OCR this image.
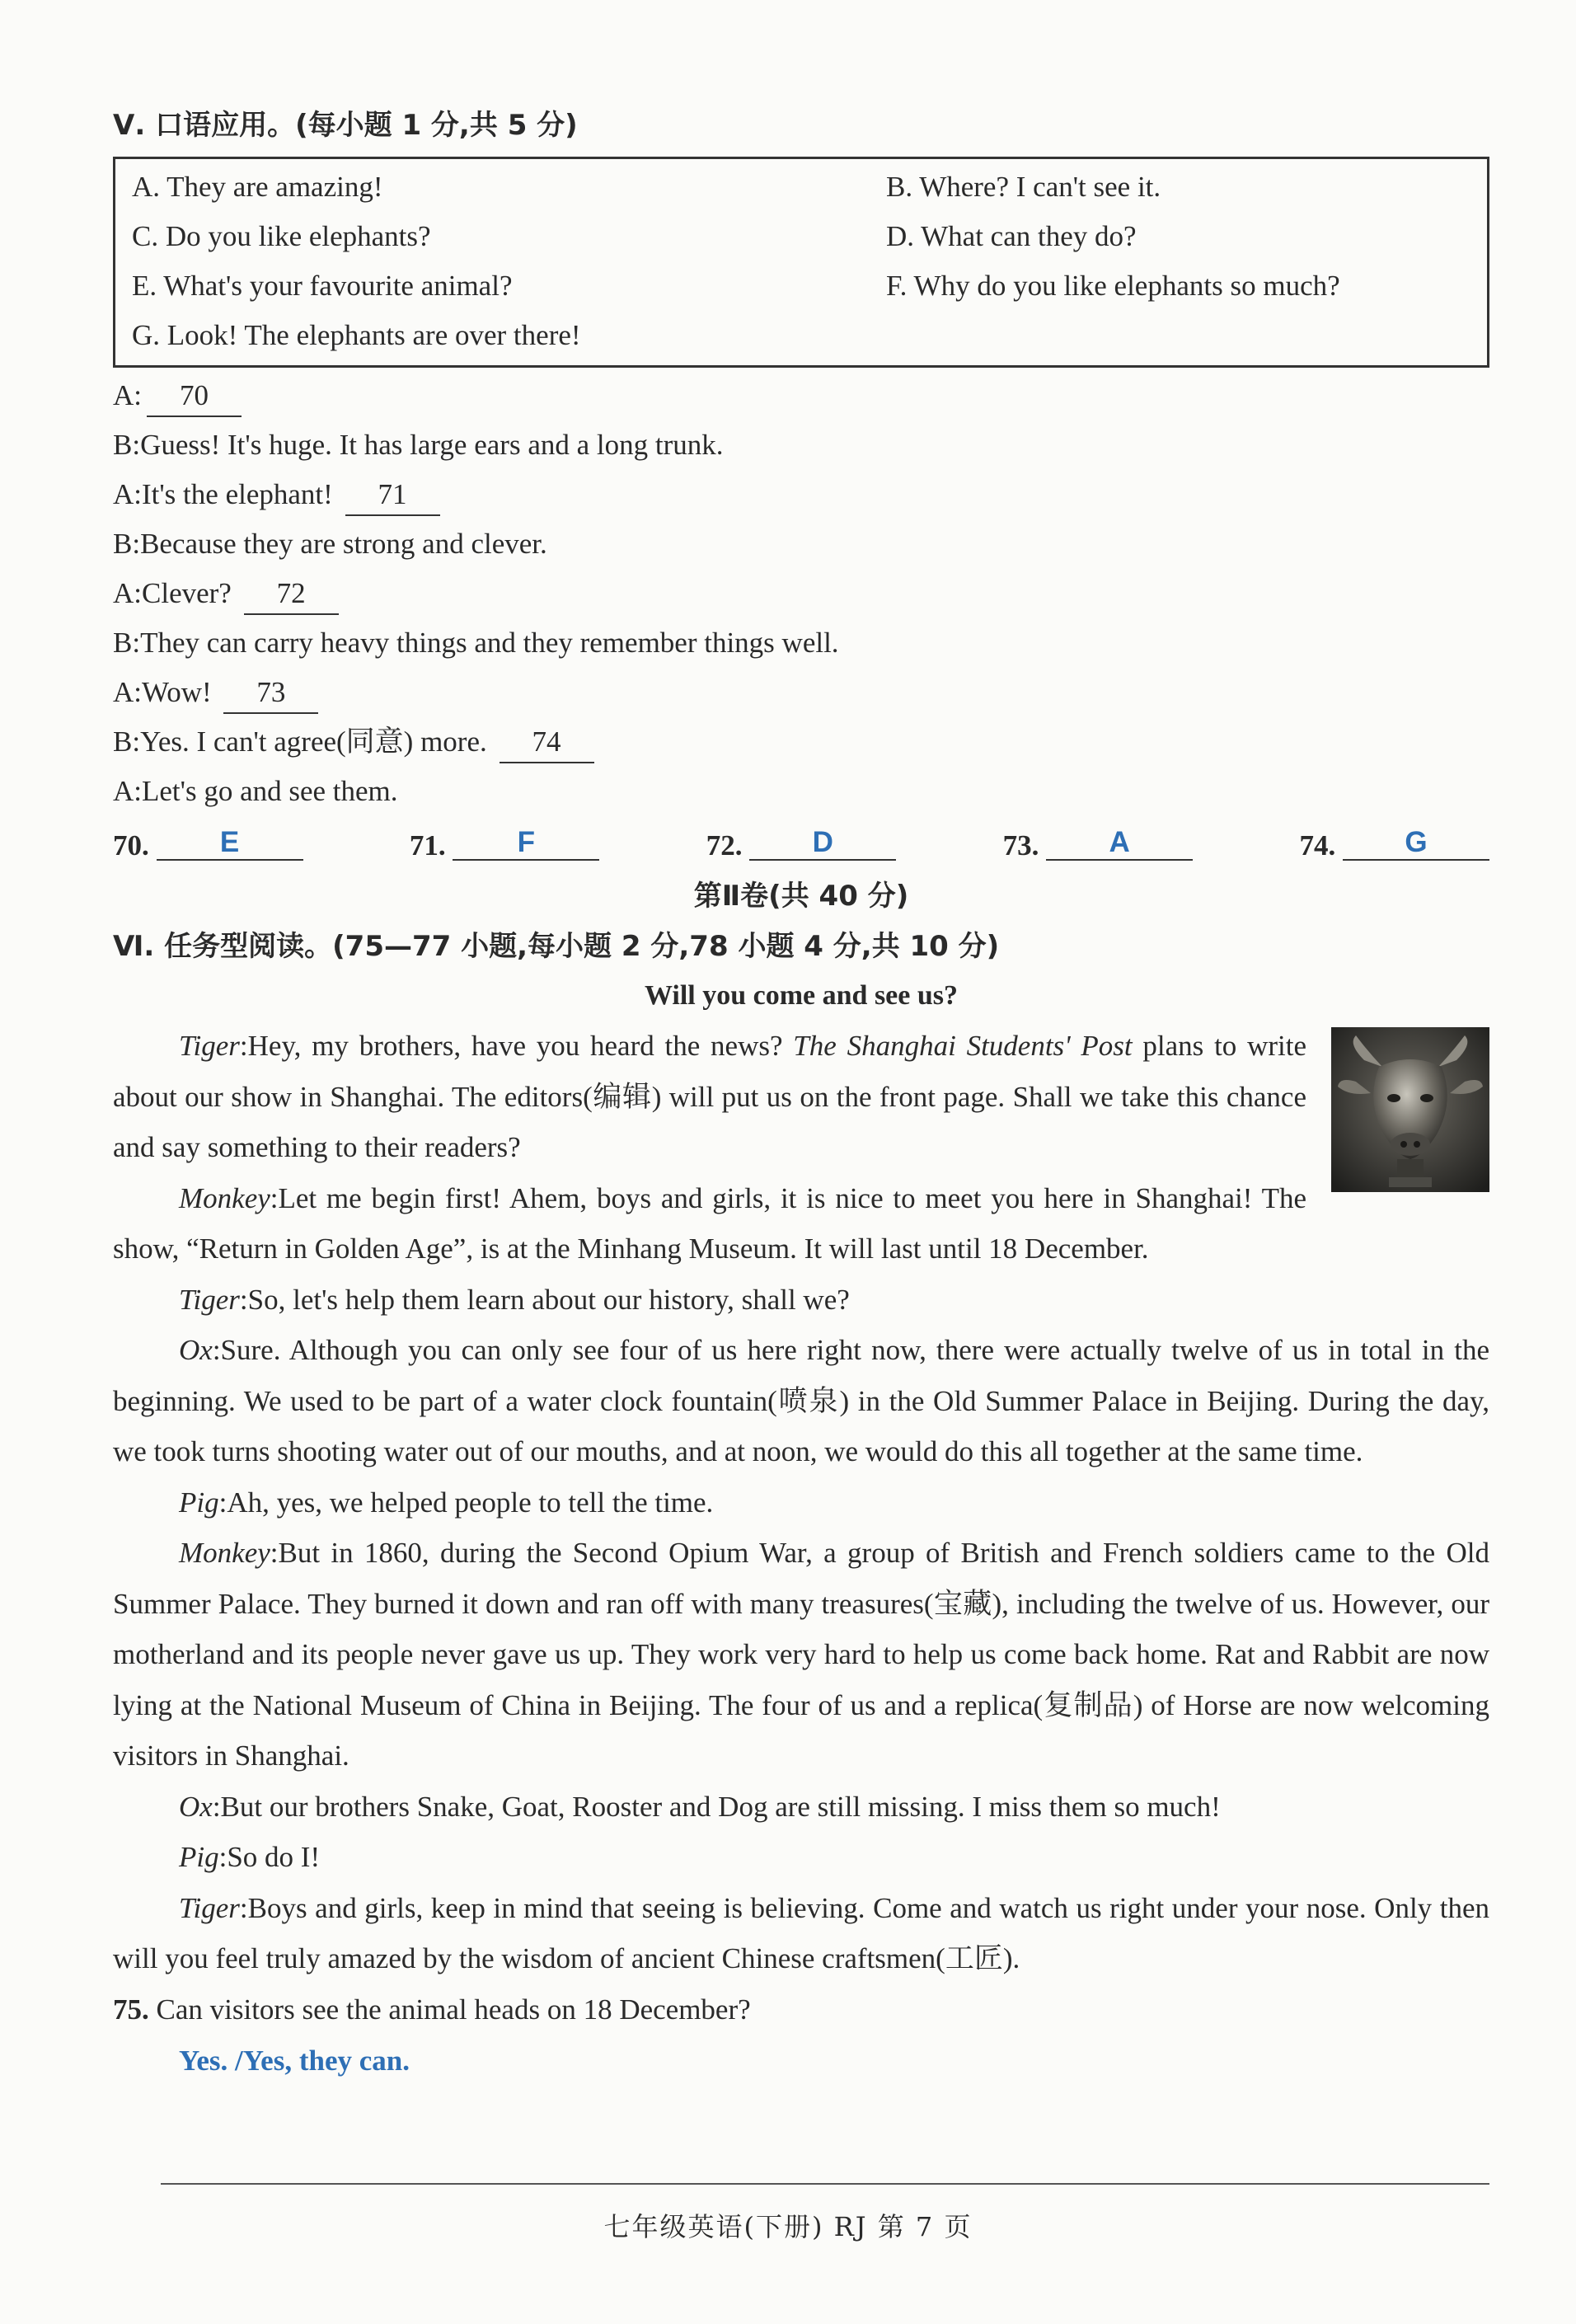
Ⅴ. 口语应用。(每小题 1 分,共 5 分)
A. They are amazing!	B. Where? I can't see it.
C. Do you like elephants?	D. What can they do?
E. What's your favourite animal?	F. Why do you like elephants so much?
G. Look! The elephants are over there!
A: 70
B:Guess! It's huge. It has large ears and a long trunk.
A:It's the elephant! 71
B:Because they are strong and clever.
A:Clever? 72
B:They can carry heavy things and they remember things well.
A:Wow! 73
B:Yes. I can't agree(同意) more. 74
A:Let's go and see them.
70. E	71. F	72. D	73. A	74. G
第Ⅱ卷(共 40 分)
Ⅵ. 任务型阅读。(75—77 小题,每小题 2 分,78 小题 4 分,共 10 分)
Will you come and see us?

Tiger:Hey, my brothers, have you heard the news? The Shanghai Students' Post plans to write about our show in Shanghai. The editors(编辑) will put us on the front page. Shall we take this chance and say something to their readers?

Monkey:Let me begin first! Ahem, boys and girls, it is nice to meet you here in Shanghai! The show, “Return in Golden Age”, is at the Minhang Museum. It will last until 18 December.

Tiger:So, let's help them learn about our history, shall we?

Ox:Sure. Although you can only see four of us here right now, there were actually twelve of us in total in the beginning. We used to be part of a water clock fountain(喷泉) in the Old Summer Palace in Beijing. During the day, we took turns shooting water out of our mouths, and at noon, we would do this all together at the same time.

Pig:Ah, yes, we helped people to tell the time.

Monkey:But in 1860, during the Second Opium War, a group of British and French soldiers came to the Old Summer Palace. They burned it down and ran off with many treasures(宝藏), including the twelve of us. However, our motherland and its people never gave us up. They work very hard to help us come back home. Rat and Rabbit are now lying at the National Museum of China in Beijing. The four of us and a replica(复制品) of Horse are now welcoming visitors in Shanghai.

Ox:But our brothers Snake, Goat, Rooster and Dog are still missing. I miss them so much!

Pig:So do I!

Tiger:Boys and girls, keep in mind that seeing is believing. Come and watch us right under your nose. Only then will you feel truly amazed by the wisdom of ancient Chinese craftsmen(工匠).

75. Can visitors see the animal heads on 18 December?
Yes. /Yes, they can.
七年级英语(下册) RJ 第 7 页
